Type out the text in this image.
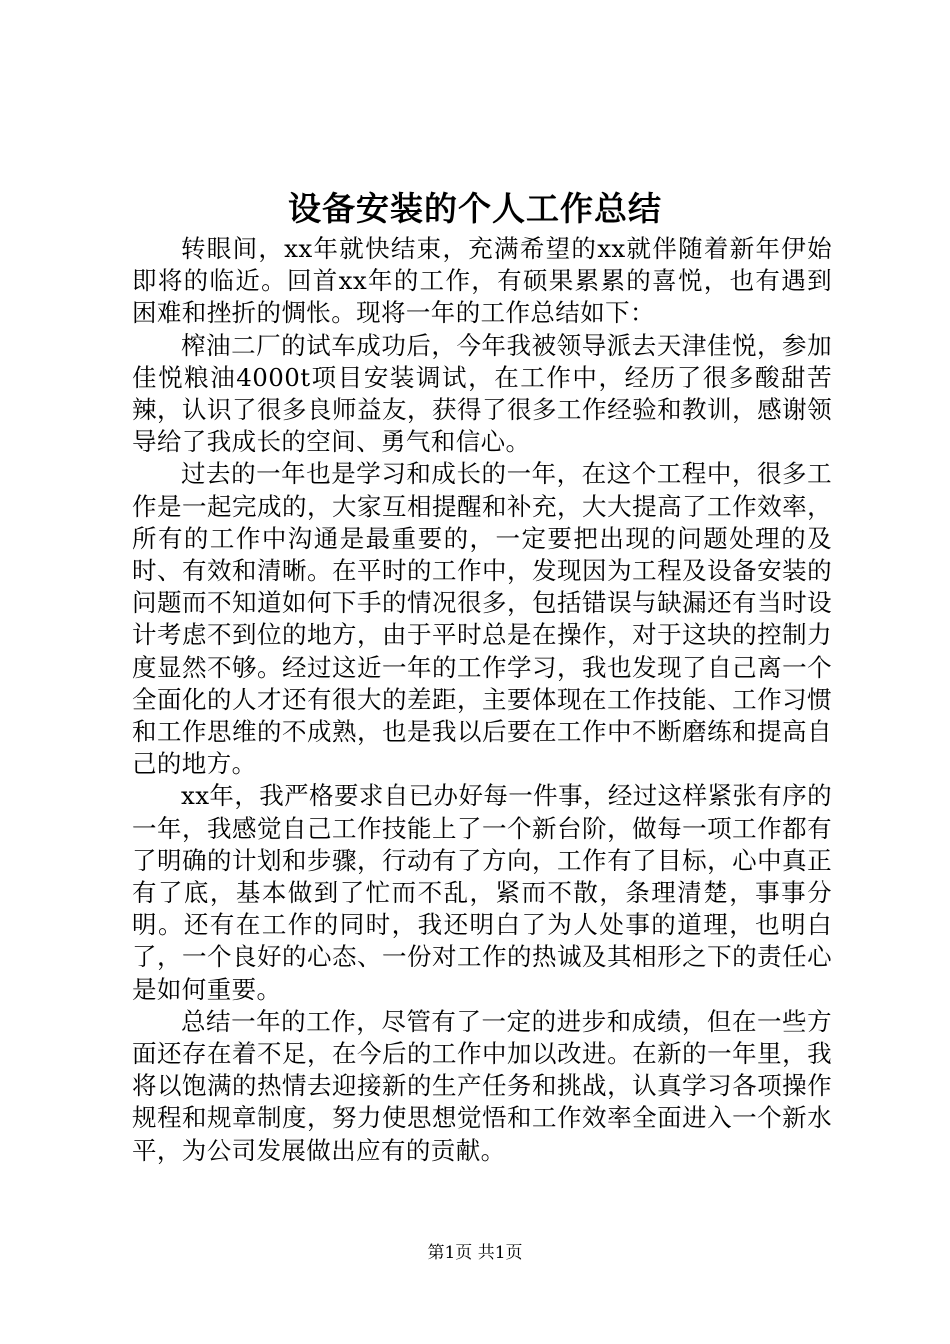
设备安装的个人工作总结

转眼间，xx年就快结束，充满希望的xx就伴随着新年伊始即将的临近。回首xx年的工作，有硕果累累的喜悦，也有遇到困难和挫折的惆怅。现将一年的工作总结如下：

榨油二厂的试车成功后，今年我被领导派去天津佳悦，参加佳悦粮油4000t项目安装调试，在工作中，经历了很多酸甜苦辣，认识了很多良师益友，获得了很多工作经验和教训，感谢领导给了我成长的空间、勇气和信心。

过去的一年也是学习和成长的一年，在这个工程中，很多工作是一起完成的，大家互相提醒和补充，大大提高了工作效率，所有的工作中沟通是最重要的，一定要把出现的问题处理的及时、有效和清晰。在平时的工作中，发现因为工程及设备安装的问题而不知道如何下手的情况很多，包括错误与缺漏还有当时设计考虑不到位的地方，由于平时总是在操作，对于这块的控制力度显然不够。经过这近一年的工作学习，我也发现了自己离一个全面化的人才还有很大的差距，主要体现在工作技能、工作习惯和工作思维的不成熟，也是我以后要在工作中不断磨练和提高自己的地方。

xx年，我严格要求自已办好每一件事，经过这样紧张有序的一年，我感觉自己工作技能上了一个新台阶，做每一项工作都有了明确的计划和步骤，行动有了方向，工作有了目标，心中真正有了底，基本做到了忙而不乱，紧而不散，条理清楚，事事分明。还有在工作的同时，我还明白了为人处事的道理，也明白了，一个良好的心态、一份对工作的热诚及其相形之下的责任心是如何重要。

总结一年的工作，尽管有了一定的进步和成绩，但在一些方面还存在着不足，在今后的工作中加以改进。在新的一年里，我将以饱满的热情去迎接新的生产任务和挑战，认真学习各项操作规程和规章制度，努力使思想觉悟和工作效率全面进入一个新水平，为公司发展做出应有的贡献。

第1页 共1页
